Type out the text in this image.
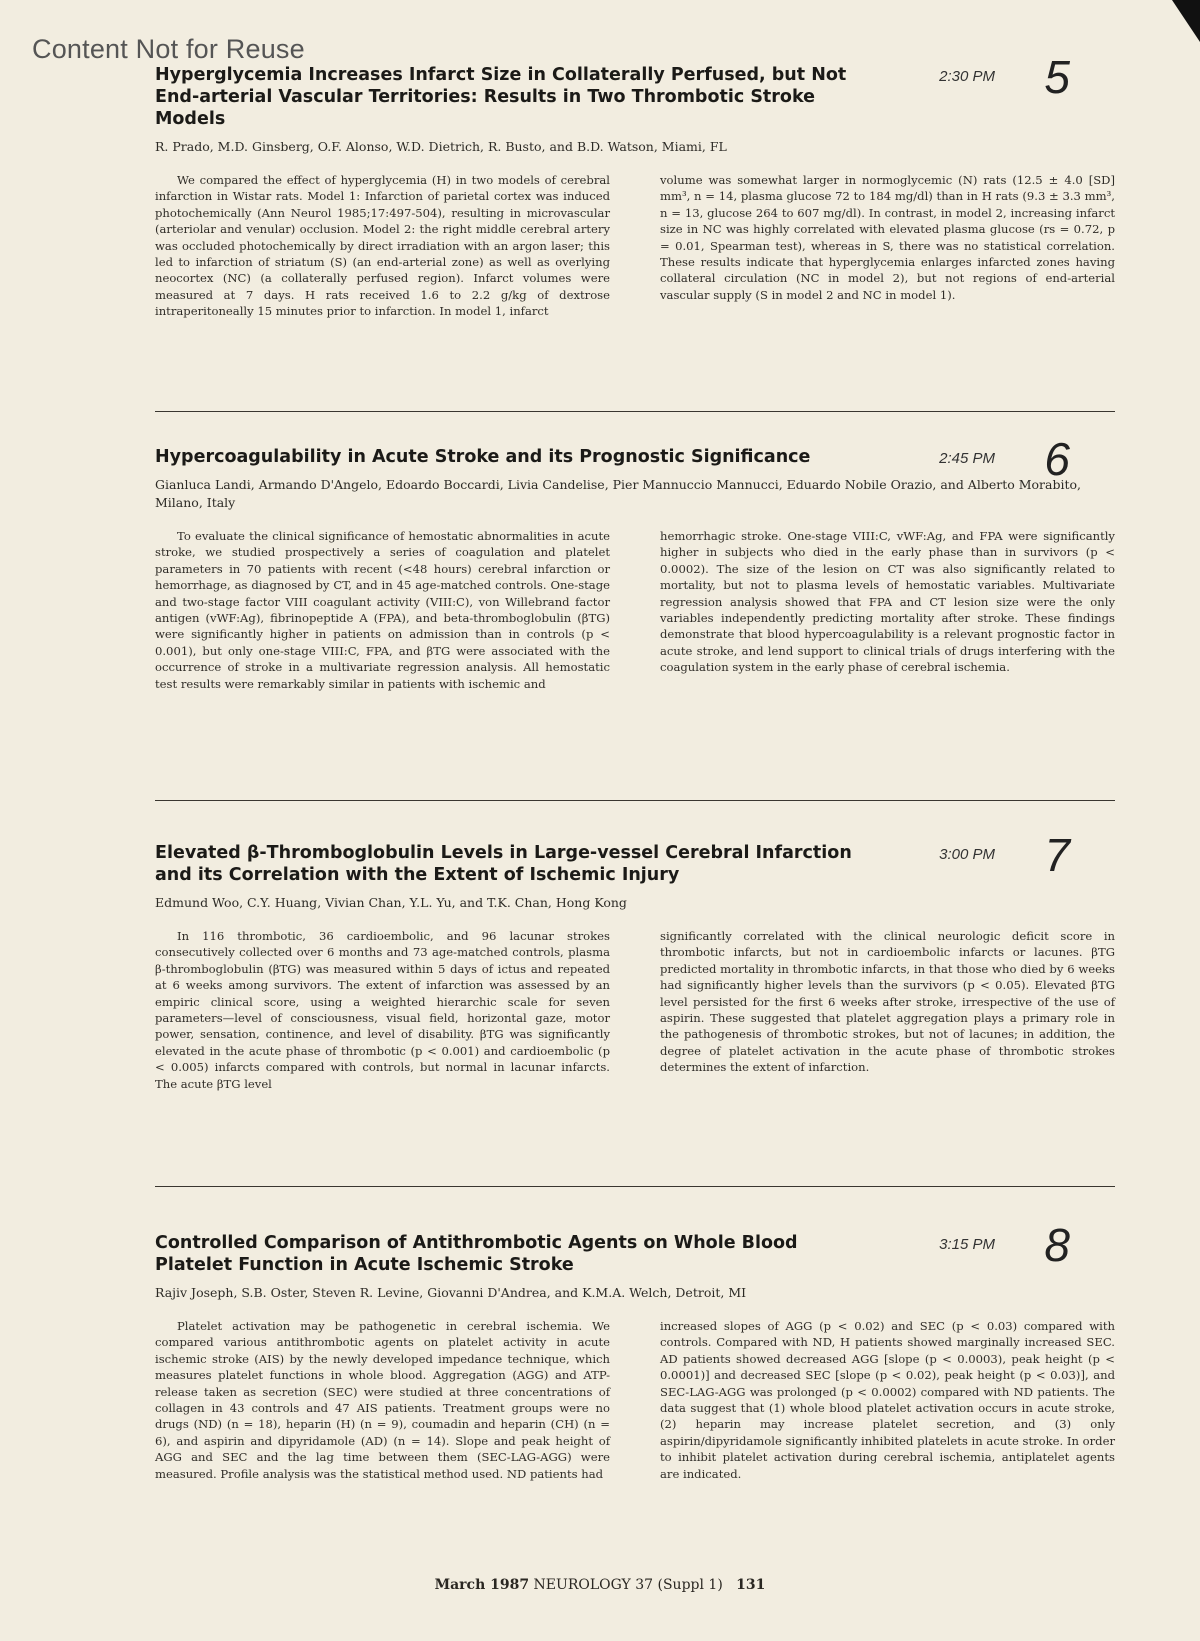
Content Not for Reuse
Hyperglycemia Increases Infarct Size in Collaterally Perfused, but Not End-arterial Vascular Territories: Results in Two Thrombotic Stroke Models
2:30 PM 5
R. Prado, M.D. Ginsberg, O.F. Alonso, W.D. Dietrich, R. Busto, and B.D. Watson, Miami, FL

We compared the effect of hyperglycemia (H) in two models of cerebral infarction in Wistar rats. Model 1: Infarction of parietal cortex was induced photochemically (Ann Neurol 1985;17:497-504), resulting in microvascular (arteriolar and venular) occlusion. Model 2: the right middle cerebral artery was occluded photochemically by direct irradiation with an argon laser; this led to infarction of striatum (S) (an end-arterial zone) as well as overlying neocortex (NC) (a collaterally perfused region). Infarct volumes were measured at 7 days. H rats received 1.6 to 2.2 g/kg of dextrose intraperitoneally 15 minutes prior to infarction. In model 1, infarct

volume was somewhat larger in normoglycemic (N) rats (12.5 ± 4.0 [SD] mm³, n = 14, plasma glucose 72 to 184 mg/dl) than in H rats (9.3 ± 3.3 mm³, n = 13, glucose 264 to 607 mg/dl). In contrast, in model 2, increasing infarct size in NC was highly correlated with elevated plasma glucose (rs = 0.72, p = 0.01, Spearman test), whereas in S, there was no statistical correlation. These results indicate that hyperglycemia enlarges infarcted zones having collateral circulation (NC in model 2), but not regions of end-arterial vascular supply (S in model 2 and NC in model 1).

Hypercoagulability in Acute Stroke and its Prognostic Significance	2:45 PM 6
Gianluca Landi, Armando D'Angelo, Edoardo Boccardi, Livia Candelise, Pier Mannuccio Mannucci, Eduardo Nobile Orazio, and Alberto Morabito, Milano, Italy

To evaluate the clinical significance of hemostatic abnormalities in acute stroke, we studied prospectively a series of coagulation and platelet parameters in 70 patients with recent (<48 hours) cerebral infarction or hemorrhage, as diagnosed by CT, and in 45 age-matched controls. One-stage and two-stage factor VIII coagulant activity (VIII:C), von Willebrand factor antigen (vWF:Ag), fibrinopeptide A (FPA), and beta-thromboglobulin (βTG) were significantly higher in patients on admission than in controls (p < 0.001), but only one-stage VIII:C, FPA, and βTG were associated with the occurrence of stroke in a multivariate regression analysis. All hemostatic test results were remarkably similar in patients with ischemic and

hemorrhagic stroke. One-stage VIII:C, vWF:Ag, and FPA were significantly higher in subjects who died in the early phase than in survivors (p < 0.0002). The size of the lesion on CT was also significantly related to mortality, but not to plasma levels of hemostatic variables. Multivariate regression analysis showed that FPA and CT lesion size were the only variables independently predicting mortality after stroke. These findings demonstrate that blood hypercoagulability is a relevant prognostic factor in acute stroke, and lend support to clinical trials of drugs interfering with the coagulation system in the early phase of cerebral ischemia.

Elevated β-Thromboglobulin Levels in Large-vessel Cerebral Infarction and its Correlation with the Extent of Ischemic Injury
3:00 PM 7
Edmund Woo, C.Y. Huang, Vivian Chan, Y.L. Yu, and T.K. Chan, Hong Kong

In 116 thrombotic, 36 cardioembolic, and 96 lacunar strokes consecutively collected over 6 months and 73 age-matched controls, plasma β-thromboglobulin (βTG) was measured within 5 days of ictus and repeated at 6 weeks among survivors. The extent of infarction was assessed by an empiric clinical score, using a weighted hierarchic scale for seven parameters—level of consciousness, visual field, horizontal gaze, motor power, sensation, continence, and level of disability. βTG was significantly elevated in the acute phase of thrombotic (p < 0.001) and cardioembolic (p < 0.005) infarcts compared with controls, but normal in lacunar infarcts. The acute βTG level

significantly correlated with the clinical neurologic deficit score in thrombotic infarcts, but not in cardioembolic infarcts or lacunes. βTG predicted mortality in thrombotic infarcts, in that those who died by 6 weeks had significantly higher levels than the survivors (p < 0.05). Elevated βTG level persisted for the first 6 weeks after stroke, irrespective of the use of aspirin. These suggested that platelet aggregation plays a primary role in the pathogenesis of thrombotic strokes, but not of lacunes; in addition, the degree of platelet activation in the acute phase of thrombotic strokes determines the extent of infarction.

Controlled Comparison of Antithrombotic Agents on Whole Blood Platelet Function in Acute Ischemic Stroke
3:15 PM 8
Rajiv Joseph, S.B. Oster, Steven R. Levine, Giovanni D'Andrea, and K.M.A. Welch, Detroit, MI

Platelet activation may be pathogenetic in cerebral ischemia. We compared various antithrombotic agents on platelet activity in acute ischemic stroke (AIS) by the newly developed impedance technique, which measures platelet functions in whole blood. Aggregation (AGG) and ATP-release taken as secretion (SEC) were studied at three concentrations of collagen in 43 controls and 47 AIS patients. Treatment groups were no drugs (ND) (n = 18), heparin (H) (n = 9), coumadin and heparin (CH) (n = 6), and aspirin and dipyridamole (AD) (n = 14). Slope and peak height of AGG and SEC and the lag time between them (SEC-LAG-AGG) were measured. Profile analysis was the statistical method used. ND patients had

increased slopes of AGG (p < 0.02) and SEC (p < 0.03) compared with controls. Compared with ND, H patients showed marginally increased SEC. AD patients showed decreased AGG [slope (p < 0.0003), peak height (p < 0.0001)] and decreased SEC [slope (p < 0.02), peak height (p < 0.03)], and SEC-LAG-AGG was prolonged (p < 0.0002) compared with ND patients. The data suggest that (1) whole blood platelet activation occurs in acute stroke, (2) heparin may increase platelet secretion, and (3) only aspirin/dipyridamole significantly inhibited platelets in acute stroke. In order to inhibit platelet activation during cerebral ischemia, antiplatelet agents are indicated.

March 1987 NEUROLOGY 37 (Suppl 1) 131
